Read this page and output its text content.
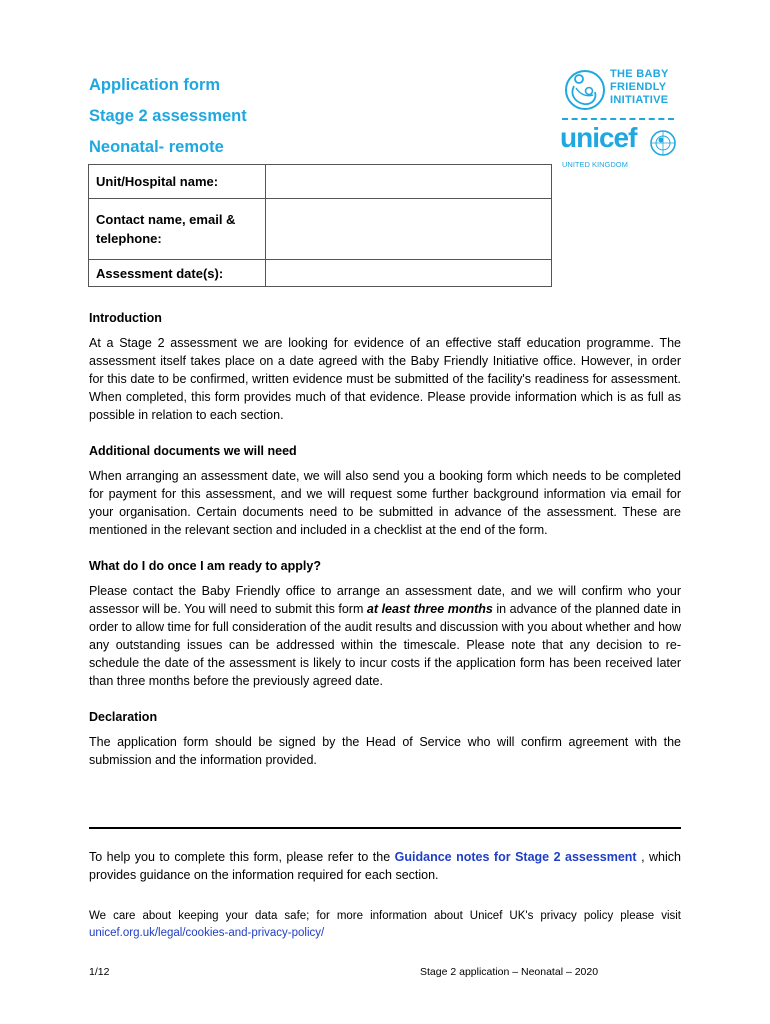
Application form
Stage 2 assessment
Neonatal- remote
THE BABY
FRIENDLY
INITIATIVE
unicef
UNITED KINGDOM
Unit/Hospital name:	
Contact name, email & telephone:	
Assessment date(s):	
Introduction

At a Stage 2 assessment we are looking for evidence of an effective staff education programme. The assessment itself takes place on a date agreed with the Baby Friendly Initiative office. However, in order for this date to be confirmed, written evidence must be submitted of the facility's readiness for assessment. When completed, this form provides much of that evidence. Please provide information which is as full as possible in relation to each section.

Additional documents we will need

When arranging an assessment date, we will also send you a booking form which needs to be completed for payment for this assessment, and we will request some further background information via email for your organisation. Certain documents need to be submitted in advance of the assessment. These are mentioned in the relevant section and included in a checklist at the end of the form.

What do I do once I am ready to apply?

Please contact the Baby Friendly office to arrange an assessment date, and we will confirm who your assessor will be. You will need to submit this form at least three months in advance of the planned date in order to allow time for full consideration of the audit results and discussion with you about whether and how any outstanding issues can be addressed within the timescale. Please note that any decision to re-schedule the date of the assessment is likely to incur costs if the application form has been received later than three months before the previously agreed date.

Declaration

The application form should be signed by the Head of Service who will confirm agreement with the submission and the information provided.

To help you to complete this form, please refer to the Guidance notes for Stage 2 assessment , which provides guidance on the information required for each section.
We care about keeping your data safe; for more information about Unicef UK's privacy policy please visit unicef.org.uk/legal/cookies-and-privacy-policy/
1/12	Stage 2 application – Neonatal – 2020
